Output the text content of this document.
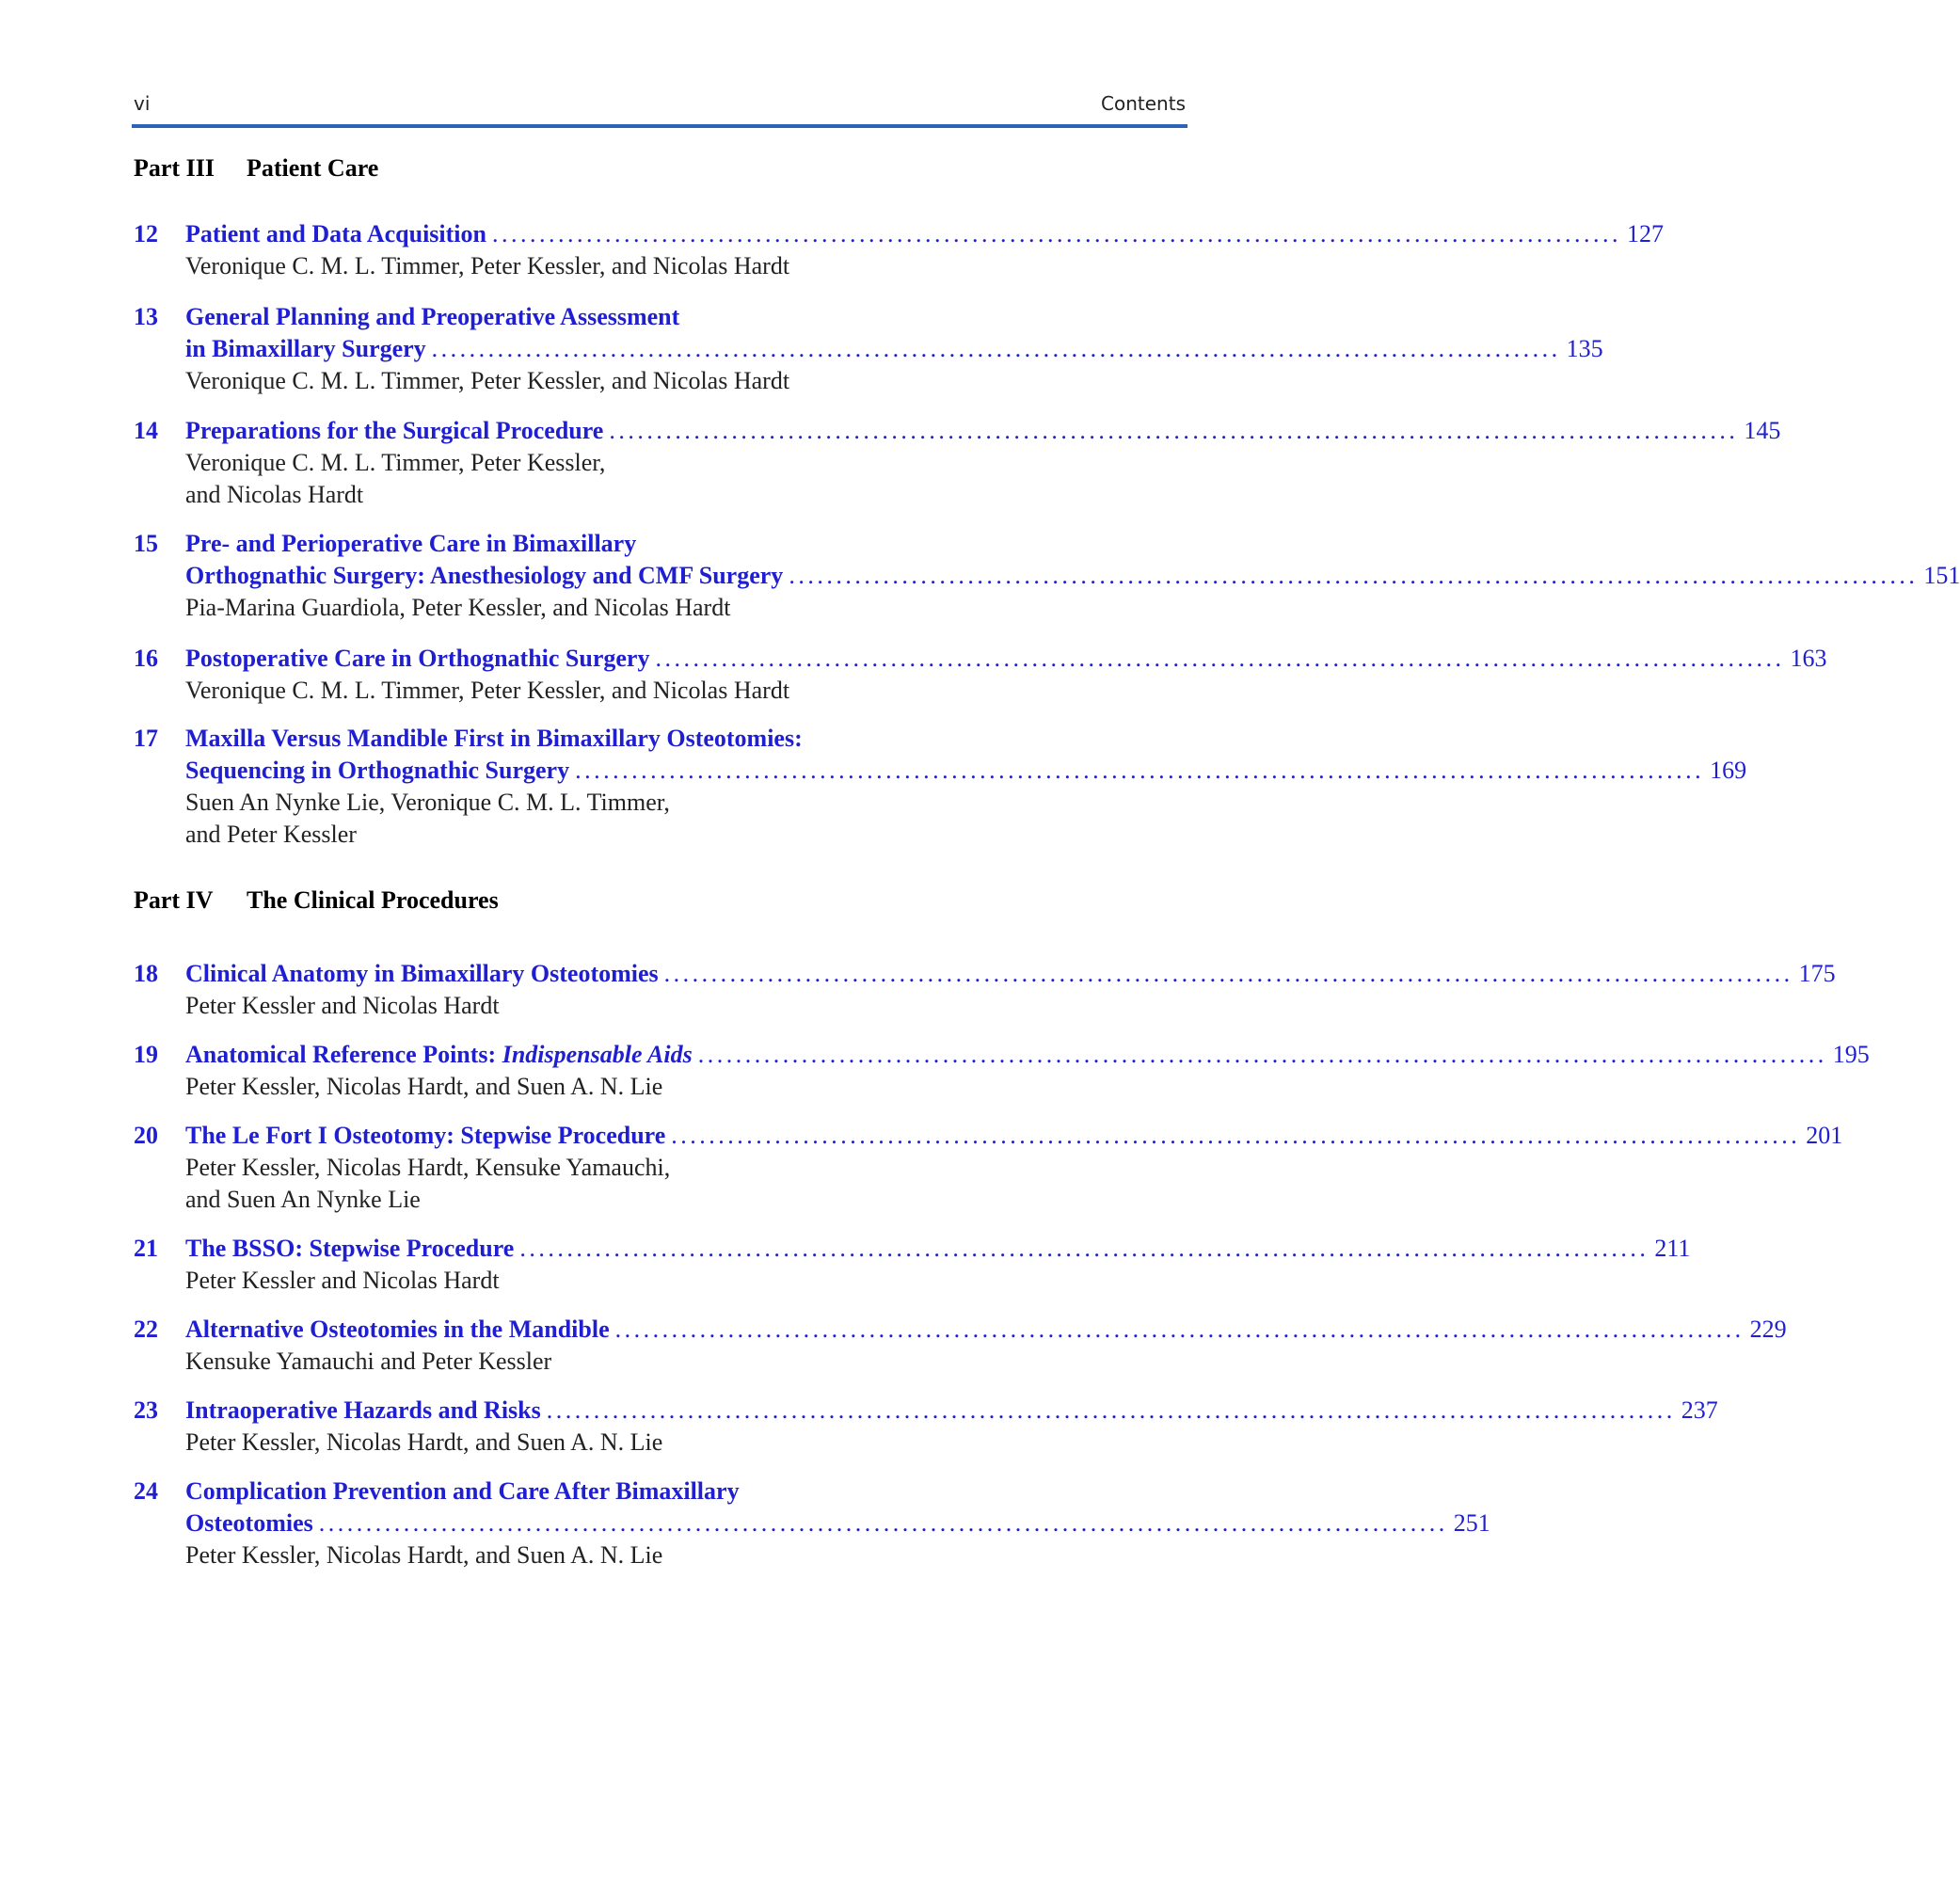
vi	Contents
Part III Patient Care
12 Patient and Data Acquisition ........................................................................................................................ 127
Veronique C. M. L. Timmer, Peter Kessler, and Nicolas Hardt
13 General Planning and Preoperative Assessment
in Bimaxillary Surgery ........................................................................................................................ 135
Veronique C. M. L. Timmer, Peter Kessler, and Nicolas Hardt
14 Preparations for the Surgical Procedure ........................................................................................................................ 145
Veronique C. M. L. Timmer, Peter Kessler,
and Nicolas Hardt
15 Pre- and Perioperative Care in Bimaxillary
Orthognathic Surgery: Anesthesiology and CMF Surgery ........................................................................................................................ 151
Pia-Marina Guardiola, Peter Kessler, and Nicolas Hardt
16 Postoperative Care in Orthognathic Surgery ........................................................................................................................ 163
Veronique C. M. L. Timmer, Peter Kessler, and Nicolas Hardt
17 Maxilla Versus Mandible First in Bimaxillary Osteotomies:
Sequencing in Orthognathic Surgery ........................................................................................................................ 169
Suen An Nynke Lie, Veronique C. M. L. Timmer,
and Peter Kessler
Part IV The Clinical Procedures
18 Clinical Anatomy in Bimaxillary Osteotomies ........................................................................................................................ 175
Peter Kessler and Nicolas Hardt
19 Anatomical Reference Points: Indispensable Aids ........................................................................................................................ 195
Peter Kessler, Nicolas Hardt, and Suen A. N. Lie
20 The Le Fort I Osteotomy: Stepwise Procedure ........................................................................................................................ 201
Peter Kessler, Nicolas Hardt, Kensuke Yamauchi,
and Suen An Nynke Lie
21 The BSSO: Stepwise Procedure ........................................................................................................................ 211
Peter Kessler and Nicolas Hardt
22 Alternative Osteotomies in the Mandible ........................................................................................................................ 229
Kensuke Yamauchi and Peter Kessler
23 Intraoperative Hazards and Risks ........................................................................................................................ 237
Peter Kessler, Nicolas Hardt, and Suen A. N. Lie
24 Complication Prevention and Care After Bimaxillary
Osteotomies ........................................................................................................................ 251
Peter Kessler, Nicolas Hardt, and Suen A. N. Lie
